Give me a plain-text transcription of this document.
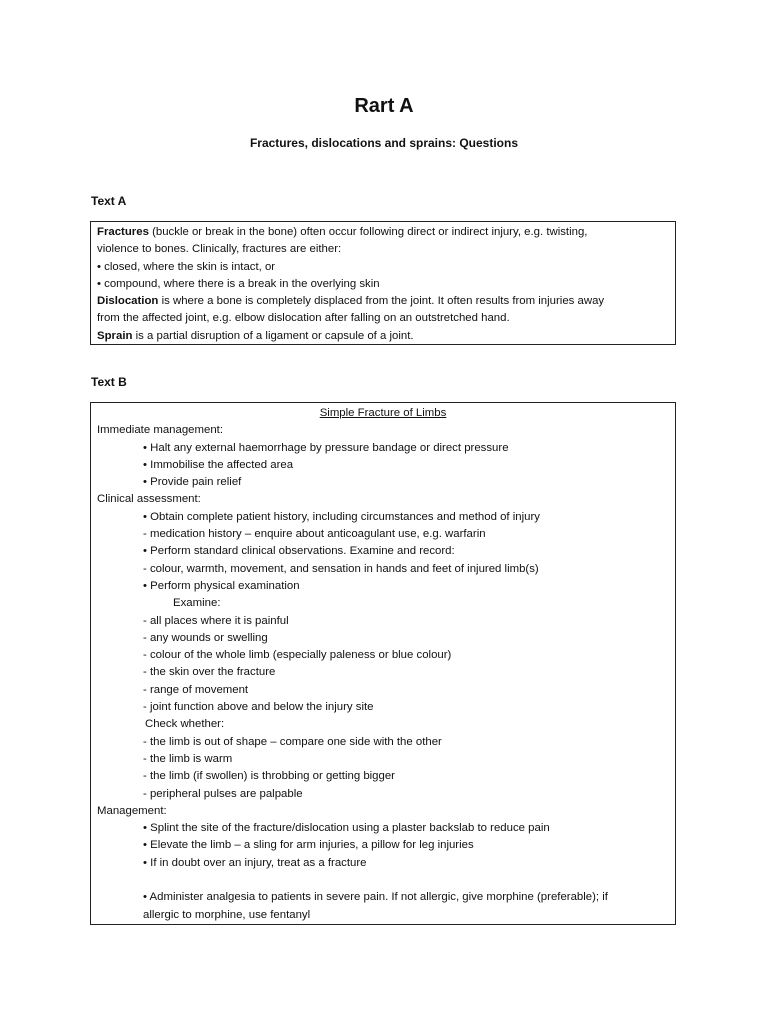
Rart A
Fractures, dislocations and sprains: Questions
Text A
Fractures (buckle or break in the bone) often occur following direct or indirect injury, e.g. twisting,
violence to bones. Clinically, fractures are either:
• closed, where the skin is intact, or
• compound, where there is a break in the overlying skin
Dislocation is where a bone is completely displaced from the joint. It often results from injuries away
from the affected joint, e.g. elbow dislocation after falling on an outstretched hand.
Sprain is a partial disruption of a ligament or capsule of a joint.
Text B
Simple Fracture of Limbs
Immediate management:
• Halt any external haemorrhage by pressure bandage or direct pressure
• Immobilise the affected area
• Provide pain relief
Clinical assessment:
• Obtain complete patient history, including circumstances and method of injury
- medication history – enquire about anticoagulant use, e.g. warfarin
• Perform standard clinical observations. Examine and record:
- colour, warmth, movement, and sensation in hands and feet of injured limb(s)
• Perform physical examination
Examine:
- all places where it is painful
- any wounds or swelling
- colour of the whole limb (especially paleness or blue colour)
- the skin over the fracture
- range of movement
- joint function above and below the injury site
Check whether:
- the limb is out of shape – compare one side with the other
- the limb is warm
- the limb (if swollen) is throbbing or getting bigger
- peripheral pulses are palpable
Management:
• Splint the site of the fracture/dislocation using a plaster backslab to reduce pain
• Elevate the limb – a sling for arm injuries, a pillow for leg injuries
• If in doubt over an injury, treat as a fracture
• Administer analgesia to patients in severe pain. If not allergic, give morphine (preferable); if
allergic to morphine, use fentanyl
